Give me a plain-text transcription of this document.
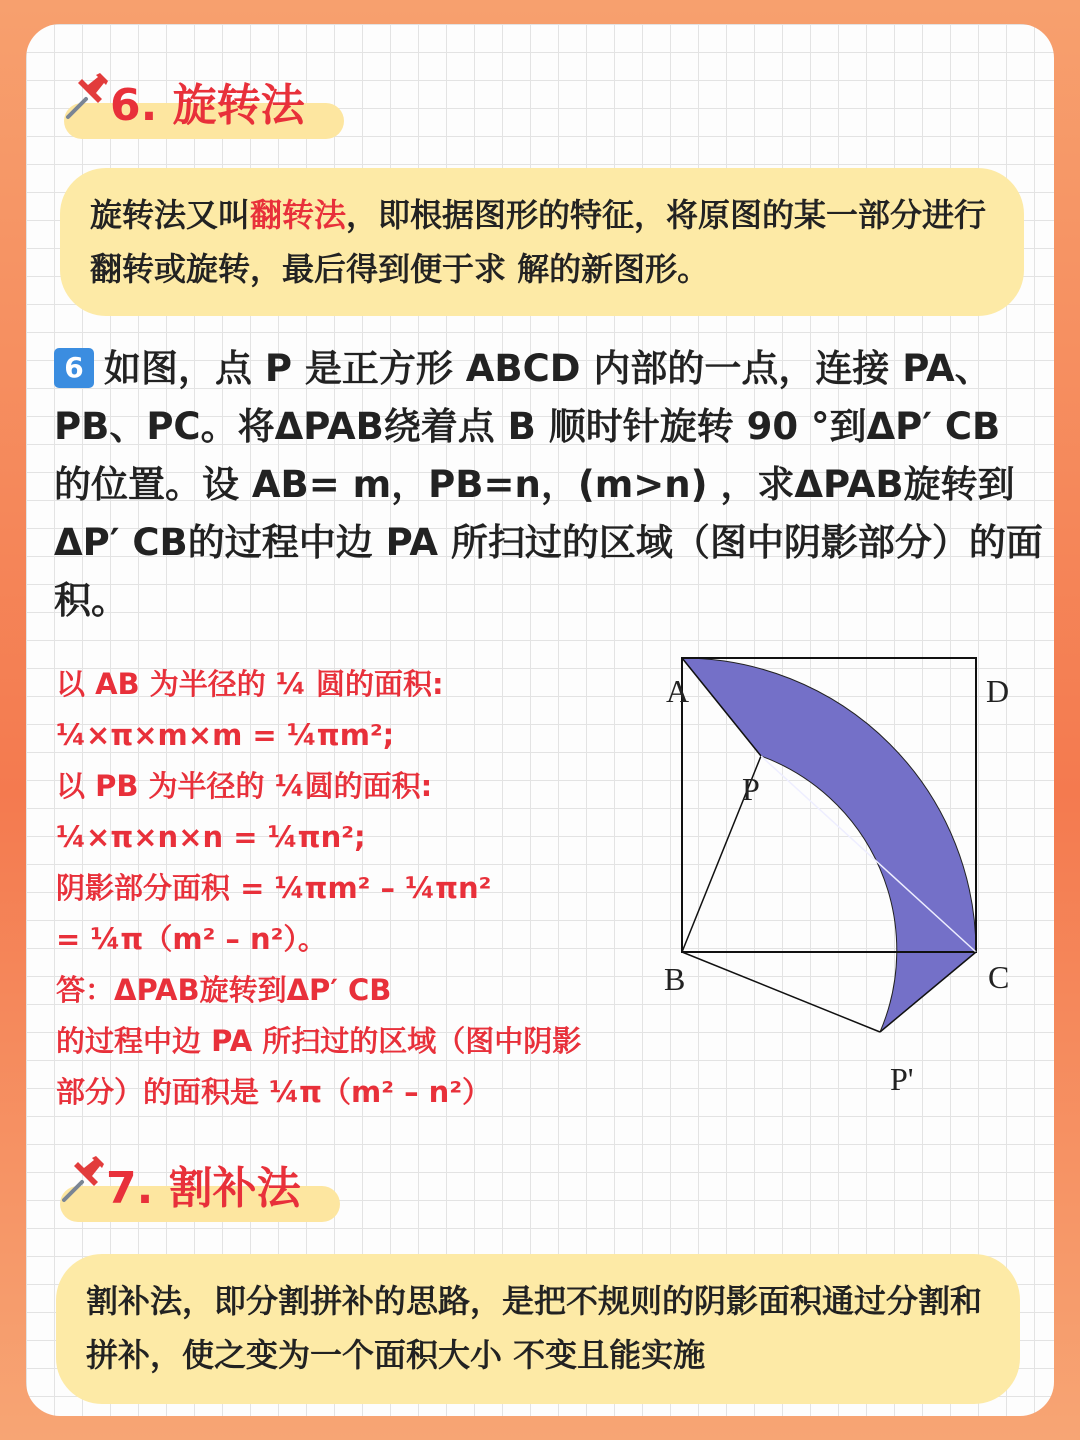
6. 旋转法
旋转法又叫翻转法，即根据图形的特征，将原图的某一部分进行翻转或旋转，最后得到便于求 解的新图形。
6 如图，点 P 是正方形 ABCD 内部的一点，连接 PA、PB、PC。将ΔPAB绕着点 B 顺时针旋转 90 °到ΔP′ CB 的位置。设 AB= m，PB=n，(m>n) ，求ΔPAB旋转到ΔP′ CB的过程中边 PA 所扫过的区域（图中阴影部分）的面积。
以 AB 为半径的 ¼ 圆的面积:
¼×π×m×m = ¼πm²;
以 PB 为半径的 ¼圆的面积:
¼×π×n×n = ¼πn²;
阴影部分面积 = ¼πm² – ¼πn²
= ¼π（m² – n²）。
答：ΔPAB旋转到ΔP′ CB
的过程中边 PA 所扫过的区域（图中阴影
部分）的面积是 ¼π（m² – n²）
A	D
P
B	C
P'
7. 割补法
割补法，即分割拼补的思路，是把不规则的阴影面积通过分割和拼补，使之变为一个面积大小 不变且能实施
